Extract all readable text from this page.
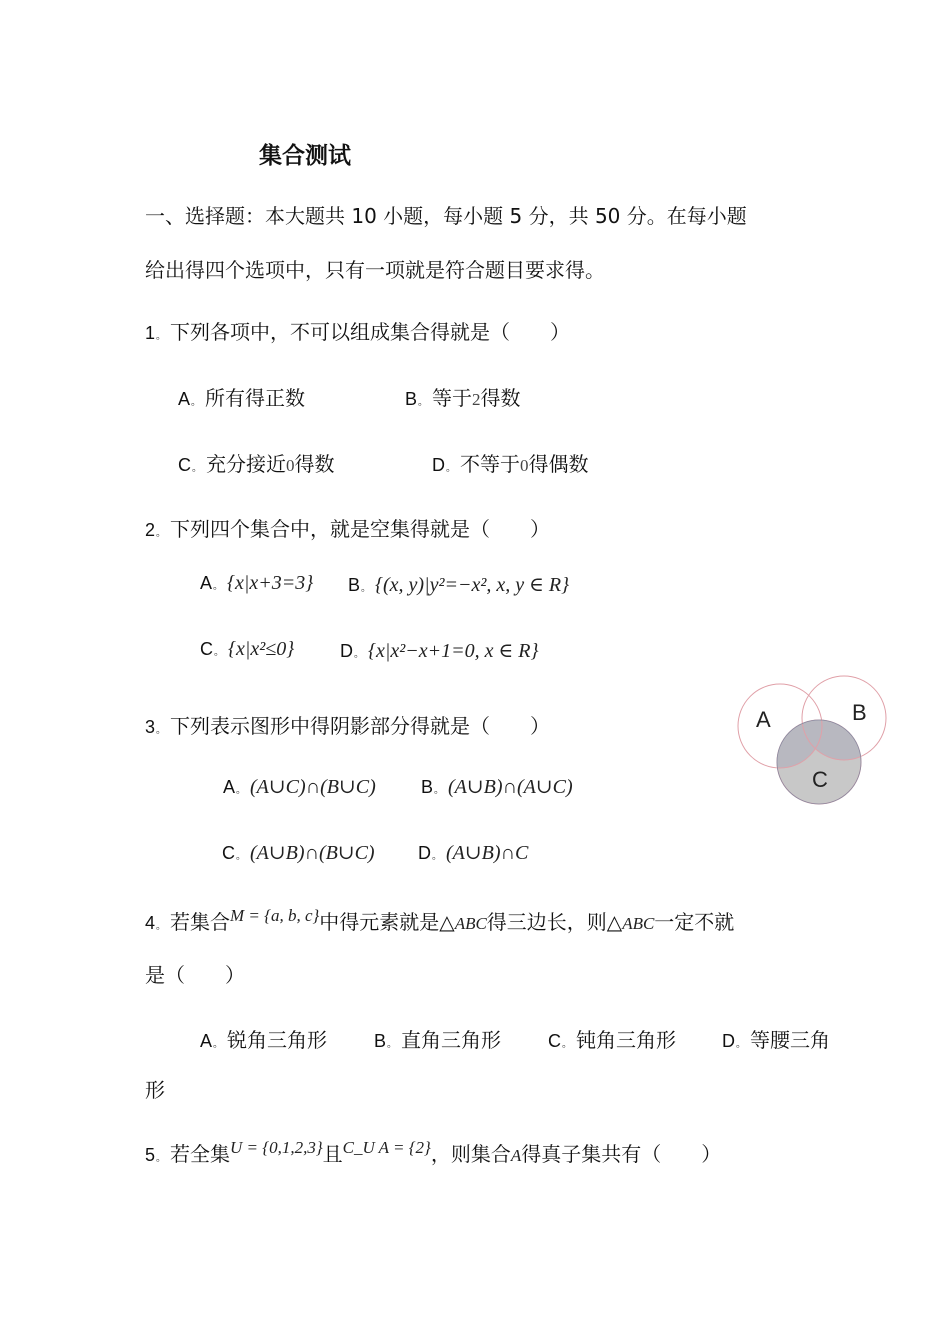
集合测试
一、选择题：本大题共 10 小题，每小题 5 分，共 50 分。在每小题
给出得四个选项中，只有一项就是符合题目要求得。
1。 下列各项中，不可以组成集合得就是（　　）
A。 所有得正数	B。 等于2得数
C。 充分接近0得数	D。 不等于0得偶数
2。 下列四个集合中，就是空集得就是（　　）
A。 {x|x+3=3} B。 {(x, y)|y²=−x², x, y ∈ R}
C。 {x|x²≤0}	D。 {x|x²−x+1=0, x ∈ R}
3。 下列表示图形中得阴影部分得就是（　　）
A。 (A∪C)∩(B∪C)	B。 (A∪B)∩(A∪C)
C。 (A∪B)∩(B∪C) D。 (A∪B)∩C
A	B
C
4。 若集合$^{M = \{a, b, c\}}$中得元素就是△ABC得三边长，则△ABC一定不就
是（　　）
A。 锐角三角形	B。 直角三角形	C。 钝角三角形	D。 等腰三角
形
5。 若全集$^{U = \{0,1,2,3\}}$且$^{C\_U A = \{2\}}$，则集合A得真子集共有（　　）
